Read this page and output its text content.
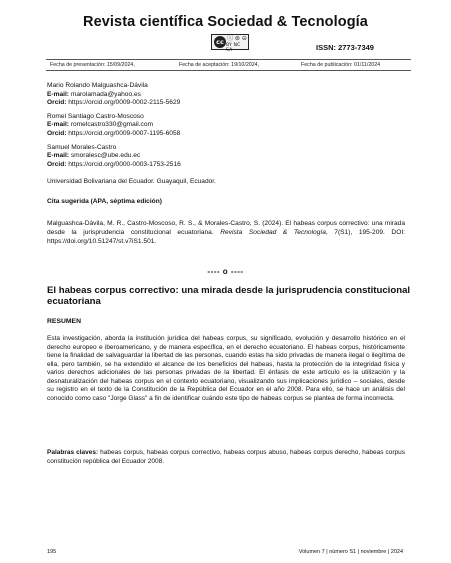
Revista científica Sociedad & Tecnología
cc ⓘ ⊜ ⊝
BY NC SA	ISSN: 2773-7349
Fecha de presentación: 15/09/2024,	Fecha de aceptación: 19/10/2024,	Fecha de publicación: 01/11/2024
Mario Rolando Malguashca-Dávila
E-mail: marolamada@yahoo.es
Orcid: https://orcid.org/0009-0002-2115-5629
Romel Santiago Castro-Moscoso
E-mail: romelcastro330@gmail.com
Orcid: https://orcid.org/0009-0007-1195-6058
Samuel Morales-Castro
E-mail: smoralesc@ube.edu.ec
Orcid: https://orcid.org/0000-0003-1753-2516
Universidad Bolivariana del Ecuador. Guayaquil, Ecuador.
Cita sugerida (APA, séptima edición)
Malguashca-Dávila, M. R., Castro-Moscoso, R. S., & Morales-Castro, S. (2024). El habeas corpus correctivo: una mirada desde la jurisprudencia constitucional ecuatoriana. Revista Sociedad & Tecnología, 7(S1), 195-209. DOI: https://doi.org/10.51247/st.v7iS1.501.
---- o ----
El habeas corpus correctivo: una mirada desde la jurisprudencia constitucional ecuatoriana
RESUMEN
Esta investigación, aborda la institución jurídica del habeas corpus, su significado, evolución y desarrollo histórico en el derecho europeo e iberoamericano, y de manera específica, en el derecho ecuatoriano. El habeas corpus, históricamente tiene la finalidad de salvaguardar la libertad de las personas, cuando estas ha sido privadas de manera ilegal o ilegítima de ella, pero también, se ha extendido el alcance de los beneficios del habeas, hasta la protección de la integridad física y varios derechos adicionales de las personas privadas de la libertad. El énfasis de este artículo es la utilización y la desnaturalización del habeas corpus en el contexto ecuatoriano, visualizando sus implicaciones jurídico – sociales, desde su registro en el texto de la Constitución de la República del Ecuador en el año 2008. Para ello, se hace un análisis del conocido como caso "Jorge Glass" a fin de identificar cuándo este tipo de habeas corpus se plantea de forma incorrecta.
Palabras claves: habeas corpus, habeas corpus correctivo, habeas corpus abuso, habeas corpus derecho, habeas corpus constitución república del Ecuador 2008.
195	Volumen 7 | número S1 | noviembre | 2024
